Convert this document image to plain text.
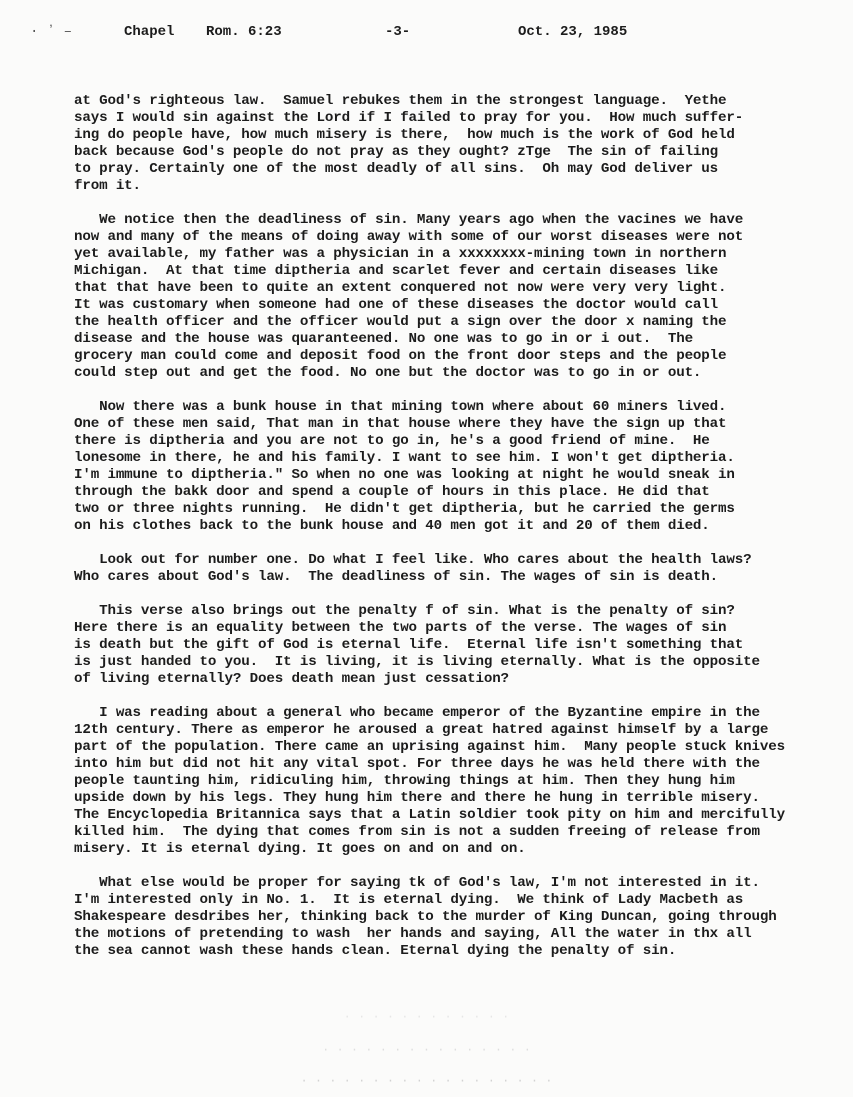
· ʼ ‒

	Chapel

Rom. 6:23

	-3-

	Oct. 23, 1985

at God's righteous law.  Samuel rebukes them in the strongest language.  Yethe
says I would sin against the Lord if I failed to pray for you.  How much suffer-
ing do people have, how much misery is there,  how much is the work of God held
back because God's people do not pray as they ought? zTge  The sin of failing
to pray. Certainly one of the most deadly of all sins.  Oh may God deliver us
from it.
We notice then the deadliness of sin. Many years ago when the vacines we have
now and many of the means of doing away with some of our worst diseases were not
yet available, my father was a physician in a xxxxxxxx-mining town in northern
Michigan.  At that time diptheria and scarlet fever and certain diseases like
that that have been to quite an extent conquered not now were very very light.
It was customary when someone had one of these diseases the doctor would call
the health officer and the officer would put a sign over the door x naming the
disease and the house was quaranteened. No one was to go in or i out.  The
grocery man could come and deposit food on the front door steps and the people
could step out and get the food. No one but the doctor was to go in or out.
Now there was a bunk house in that mining town where about 60 miners lived.
One of these men said, That man in that house where they have the sign up that
there is diptheria and you are not to go in, he's a good friend of mine.  He
lonesome in there, he and his family. I want to see him. I won't get diptheria.
I'm immune to diptheria." So when no one was looking at night he would sneak in
through the bakk door and spend a couple of hours in this place. He did that
two or three nights running.  He didn't get diptheria, but he carried the germs
on his clothes back to the bunk house and 40 men got it and 20 of them died.
Look out for number one. Do what I feel like. Who cares about the health laws?
Who cares about God's law.  The deadliness of sin. The wages of sin is death.
This verse also brings out the penalty f of sin. What is the penalty of sin?
Here there is an equality between the two parts of the verse. The wages of sin
is death but the gift of God is eternal life.  Eternal life isn't something that
is just handed to you.  It is living, it is living eternally. What is the opposite
of living eternally? Does death mean just cessation?
I was reading about a general who became emperor of the Byzantine empire in the
12th century. There as emperor he aroused a great hatred against himself by a large
part of the population. There came an uprising against him.  Many people stuck knives
into him but did not hit any vital spot. For three days he was held there with the
people taunting him, ridiculing him, throwing things at him. Then they hung him
upside down by his legs. They hung him there and there he hung in terrible misery.
The Encyclopedia Britannica says that a Latin soldier took pity on him and mercifully
killed him.  The dying that comes from sin is not a sudden freeing of release from
misery. It is eternal dying. It goes on and on and on.
What else would be proper for saying tk of God's law, I'm not interested in it.
I'm interested only in No. 1.  It is eternal dying.  We think of Lady Macbeth as
Shakespeare desdribes her, thinking back to the murder of King Duncan, going through
the motions of pretending to wash  her hands and saying, All the water in thx all
the sea cannot wash these hands clean. Eternal dying the penalty of sin.
· · · · · · · · · · · ·
· · · · · · · · · · · · · · ·
· · · · · · · · · · · · · · · · · ·
